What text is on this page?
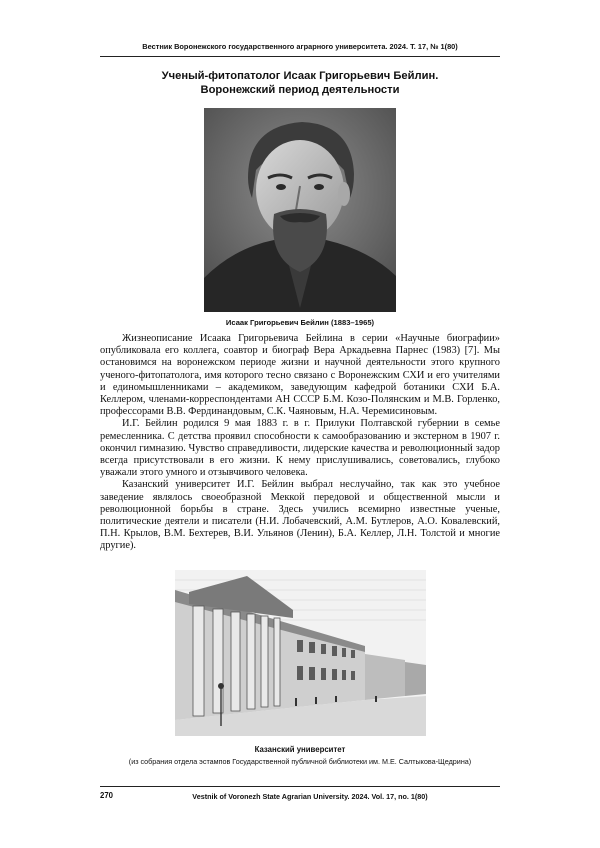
Вестник Воронежского государственного аграрного университета. 2024. Т. 17, № 1(80)
Ученый-фитопатолог Исаак Григорьевич Бейлин.
Воронежский период деятельности
Исаак Григорьевич Бейлин (1883–1965)

Жизнеописание Исаака Григорьевича Бейлина в серии «Научные биографии» опубликовала его коллега, соавтор и биограф Вера Аркадьевна Парнес (1983) [7]. Мы остановимся на воронежском периоде жизни и научной деятельности этого крупного ученого-фитопатолога, имя которого тесно связано с Воронежским СХИ и его учителями и единомышленниками – академиком, заведующим кафедрой ботаники СХИ Б.А. Келлером, членами-корреспондентами АН СССР Б.М. Козо-Полянским и М.В. Горленко, профессорами В.В. Фердинандовым, С.К. Чаяновым, Н.А. Черемисиновым.

И.Г. Бейлин родился 9 мая 1883 г. в г. Прилуки Полтавской губернии в семье ремесленника. С детства проявил способности к самообразованию и экстерном в 1907 г. окончил гимназию. Чувство справедливости, лидерские качества и революционный задор всегда присутствовали в его жизни. К нему прислушивались, советовались, глубоко уважали этого умного и отзывчивого человека.

Казанский университет И.Г. Бейлин выбрал неслучайно, так как это учебное заведение являлось своеобразной Меккой передовой и общественной мысли и революционной борьбы в стране. Здесь учились всемирно известные ученые, политические деятели и писатели (Н.И. Лобачевский, А.М. Бутлеров, А.О. Ковалевский, П.Н. Крылов, В.М. Бехтерев, В.И. Ульянов (Ленин), Б.А. Келлер, Л.Н. Толстой и многие другие).

Казанский университет
(из собрания отдела эстампов Государственной публичной библиотеки им. М.Е. Салтыкова-Щедрина)
270	Vestnik of Voronezh State Agrarian University. 2024. Vol. 17, no. 1(80)
